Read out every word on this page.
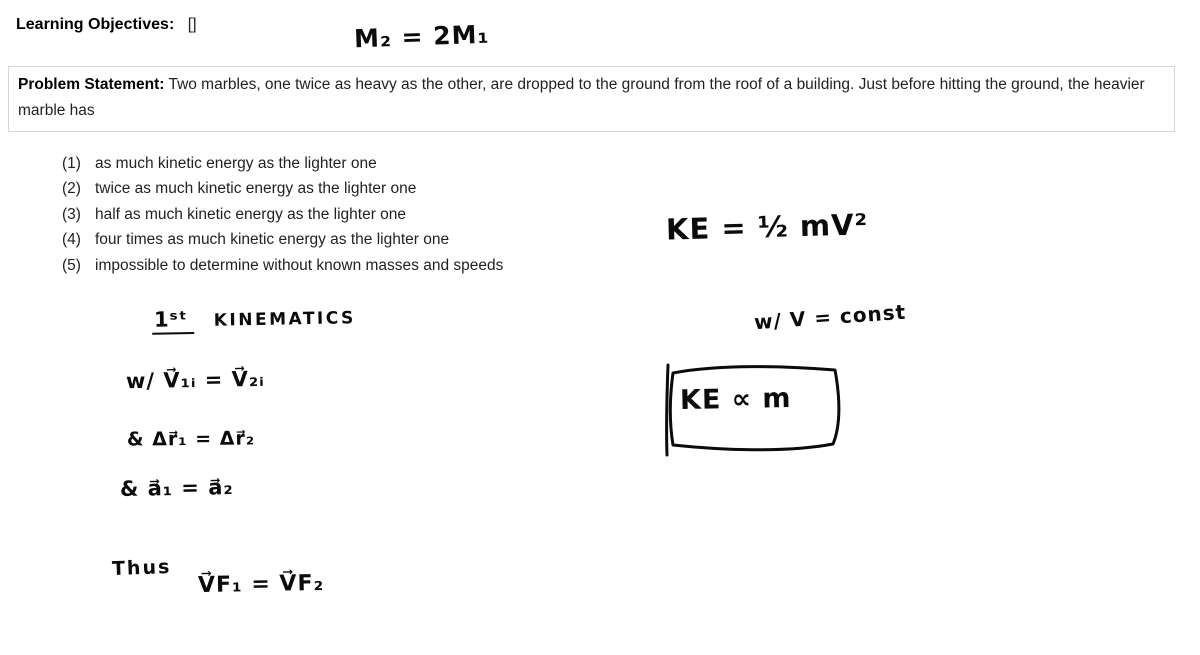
Learning Objectives: []	M₂ = 2M₁
Problem Statement: Two marbles, one twice as heavy as the other, are dropped to the ground from the roof of a building. Just before hitting the ground, the heavier marble has
(1) as much kinetic energy as the lighter one
(2) twice as much kinetic energy as the lighter one
(3) half as much kinetic energy as the lighter one
(4) four times as much kinetic energy as the lighter one
(5) impossible to determine without known masses and speeds
KE = ½ mV²
w/ V = const
KE ∝ m
1ˢᵗ KINEMATICS
w/ V⃗₁ᵢ = V⃗₂ᵢ
& Δr⃗₁ = Δr⃗₂
& a⃗₁ = a⃗₂
Thus
V⃗F₁ = V⃗F₂
